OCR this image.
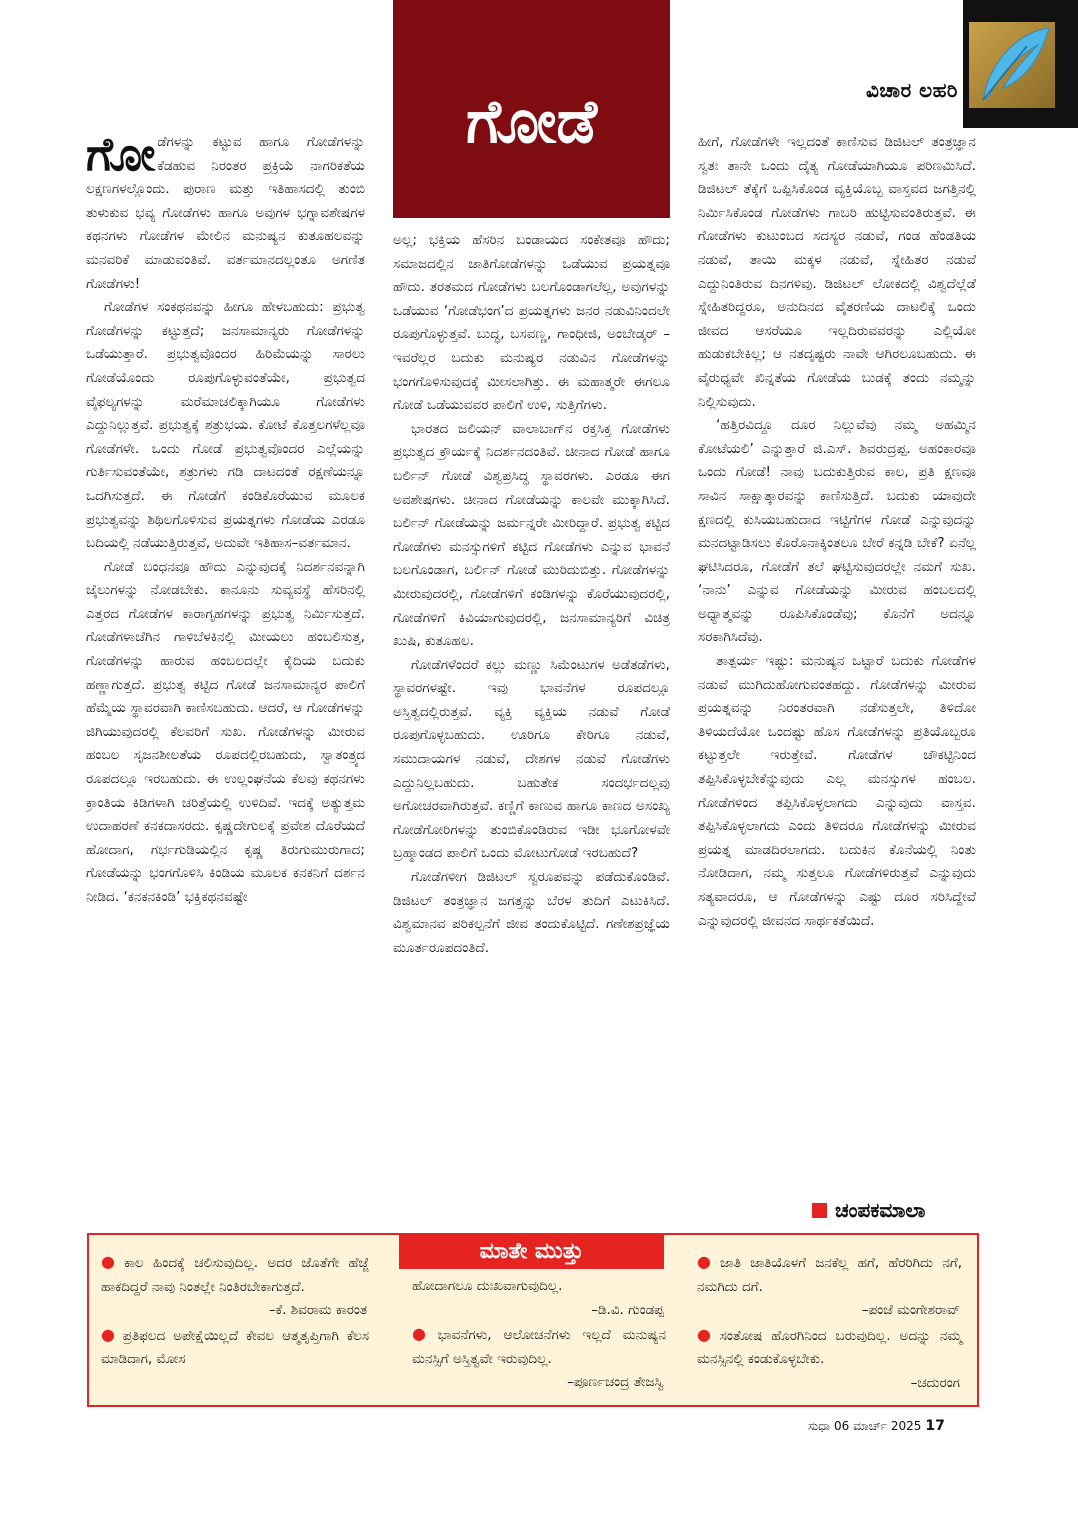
ವಿಚಾರ ಲಹರಿ
ಗೋಡೆ

ಗೋಡೆಗಳನ್ನು ಕಟ್ಟುವ ಹಾಗೂ ಗೋಡೆಗಳನ್ನು ಕೆಡಹುವ ನಿರಂತರ ಪ್ರಕ್ರಿಯೆ ನಾಗರಿಕತೆಯ ಲಕ್ಷಣಗಳಲ್ಲೊಂದು. ಪುರಾಣ ಮತ್ತು ಇತಿಹಾಸದಲ್ಲಿ ತುಂಬಿ ತುಳುಕುವ ಭವ್ಯ ಗೋಡೆಗಳು ಹಾಗೂ ಅವುಗಳ ಭಗ್ನಾವಶೇಷಗಳ ಕಥನಗಳು ಗೋಡೆಗಳ ಮೇಲಿನ ಮನುಷ್ಯನ ಕುತೂಹಲವನ್ನು ಮನವರಿಕೆ ಮಾಡುವಂತಿವೆ. ವರ್ತಮಾನದಲ್ಲಂತೂ ಅಗಣಿತ ಗೋಡೆಗಳು!

ಗೋಡೆಗಳ ಸಂಕಥನವನ್ನು ಹೀಗೂ ಹೇಳಬಹುದು: ಪ್ರಭುತ್ವ ಗೋಡೆಗಳನ್ನು ಕಟ್ಟುತ್ತದೆ; ಜನಸಾಮಾನ್ಯರು ಗೋಡೆಗಳನ್ನು ಒಡೆಯುತ್ತಾರೆ. ಪ್ರಭುತ್ವವೊಂದರ ಹಿರಿಮೆಯನ್ನು ಸಾರಲು ಗೋಡೆಯೊಂದು ರೂಪುಗೊಳ್ಳುವಂತೆಯೇ, ಪ್ರಭುತ್ವದ ವೈಫಲ್ಯಗಳನ್ನು ಮರೆಮಾಚಲಿಕ್ಕಾಗಿಯೂ ಗೋಡೆಗಳು ಎದ್ದುನಿಲ್ಲುತ್ತವೆ. ಪ್ರಭುತ್ವಕ್ಕೆ ಶತ್ರುಭಯ. ಕೋಟೆ ಕೊತ್ತಲಗಳೆಲ್ಲವೂ ಗೋಡೆಗಳೇ. ಒಂದು ಗೋಡೆ ಪ್ರಭುತ್ವವೊಂದರ ಎಲ್ಲೆಯನ್ನು ಗುರ್ತಿಸುವಂತೆಯೇ, ಶತ್ರುಗಳು ಗಡಿ ದಾಟದಂತೆ ರಕ್ಷಣೆಯನ್ನೂ ಒದಗಿಸುತ್ತದೆ. ಈ ಗೋಡೆಗೆ ಕಂಡಿಕೊರೆಯುವ ಮೂಲಕ ಪ್ರಭುತ್ವವನ್ನು ಶಿಥಿಲಗೊಳಿಸುವ ಪ್ರಯತ್ನಗಳು ಗೋಡೆಯ ಎರಡೂ ಬದಿಯಲ್ಲಿ ನಡೆಯುತ್ತಿರುತ್ತವೆ, ಅದುವೇ ಇತಿಹಾಸ–ವರ್ತಮಾನ.

ಗೋಡೆ ಬಂಧನವೂ ಹೌದು ಎನ್ನುವುದಕ್ಕೆ ನಿದರ್ಶನವನ್ನಾಗಿ ಜೈಲುಗಳನ್ನು ನೋಡಬೇಕು. ಕಾನೂನು ಸುವ್ಯವಸ್ಥೆ ಹೆಸರಿನಲ್ಲಿ ಎತ್ತರದ ಗೋಡೆಗಳ ಕಾರಾಗೃಹಗಳನ್ನು ಪ್ರಭುತ್ವ ನಿರ್ಮಿಸುತ್ತದೆ. ಗೋಡೆಗಳಾಚೆಗಿನ ಗಾಳಿಬೆಳಕಿನಲ್ಲಿ ಮೀಯಲು ಹಂಬಲಿಸುತ್ತ, ಗೋಡೆಗಳನ್ನು ಹಾರುವ ಹಂಬಲದಲ್ಲೇ ಕೈದಿಯ ಬದುಕು ಹಣ್ಣಾಗುತ್ತದೆ. ಪ್ರಭುತ್ವ ಕಟ್ಟಿದ ಗೋಡೆ ಜನಸಾಮಾನ್ಯರ ಪಾಲಿಗೆ ಹೆಮ್ಮೆಯ ಸ್ಥಾವರವಾಗಿ ಕಾಣಿಸಬಹುದು. ಆದರೆ, ಆ ಗೋಡೆಗಳನ್ನು ಜಿಗಿಯುವುದರಲ್ಲಿ ಕೆಲವರಿಗೆ ಸುಖ. ಗೋಡೆಗಳನ್ನು ಮೀರುವ ಹಂಬಲ ಸೃಜನಶೀಲತೆಯ ರೂಪದಲ್ಲಿರಬಹುದು, ಸ್ವಾತಂತ್ರ್ಯದ ರೂಪದಲ್ಲೂ ಇರಬಹುದು. ಈ ಉಲ್ಲಂಘನೆಯ ಕೆಲವು ಕಥನಗಳು ಕ್ರಾಂತಿಯ ಕಿಡಿಗಳಾಗಿ ಚರಿತ್ರೆಯಲ್ಲಿ ಉಳಿದಿವೆ. ಇದಕ್ಕೆ ಅತ್ಯುತ್ತಮ ಉದಾಹರಣೆ ಕನಕದಾಸರದು. ಕೃಷ್ಣದೇಗುಲಕ್ಕೆ ಪ್ರವೇಶ ದೊರೆಯದೆ ಹೋದಾಗ, ಗರ್ಭಗುಡಿಯಲ್ಲಿನ ಕೃಷ್ಣ ತಿರುಗುಮುರುಗಾದ; ಗೋಡೆಯನ್ನು ಭಂಗಗೊಳಿಸಿ ಕಿಂಡಿಯ ಮೂಲಕ ಕನಕನಿಗೆ ದರ್ಶನ ನೀಡಿದ. ‘ಕನಕನಕಿಂಡಿ’ ಭಕ್ತಿಕಥನವಷ್ಟೇ

ಅಲ್ಲ; ಭಕ್ತಿಯ ಹೆಸರಿನ ಬಂಡಾಯದ ಸಂಕೇತವೂ ಹೌದು; ಸಮಾಜದಲ್ಲಿನ ಜಾತಿಗೋಡೆಗಳನ್ನು ಒಡೆಯುವ ಪ್ರಯತ್ನವೂ ಹೌದು. ತರತಮದ ಗೋಡೆಗಳು ಬಲಗೊಂಡಾಗಲೆಲ್ಲ, ಅವುಗಳನ್ನು ಒಡೆಯುವ ‘ಗೋಡೆಭಂಗ’ದ ಪ್ರಯತ್ನಗಳು ಜನರ ನಡುವಿನಿಂದಲೇ ರೂಪುಗೊಳ್ಳುತ್ತವೆ. ಬುದ್ಧ, ಬಸವಣ್ಣ, ಗಾಂಧೀಜಿ, ಅಂಬೇಡ್ಕರ್ – ಇವರೆಲ್ಲರ ಬದುಕು ಮನುಷ್ಯರ ನಡುವಿನ ಗೋಡೆಗಳನ್ನು ಭಂಗಗೊಳಿಸುವುದಕ್ಕೆ ಮೀಸಲಾಗಿತ್ತು. ಈ ಮಹಾತ್ಮರೇ ಈಗಲೂ ಗೋಡೆ ಒಡೆಯುವವರ ಪಾಲಿಗೆ ಉಳಿ, ಸುತ್ತಿಗೆಗಳು.

ಭಾರತದ ಜಲಿಯನ್ ವಾಲಾಬಾಗ್‌ನ ರಕ್ತಸಿಕ್ತ ಗೋಡೆಗಳು ಪ್ರಭುತ್ವದ ಕ್ರೌರ್ಯಕ್ಕೆ ನಿದರ್ಶನದಂತಿವೆ. ಚೀನಾದ ಗೋಡೆ ಹಾಗೂ ಬರ್ಲಿನ್ ಗೋಡೆ ವಿಶ್ವಪ್ರಸಿದ್ಧ ಸ್ಥಾವರಗಳು. ಎರಡೂ ಈಗ ಅವಶೇಷಗಳು. ಚೀನಾದ ಗೋಡೆಯನ್ನು ಕಾಲವೇ ಮುಕ್ಕಾಗಿಸಿದೆ. ಬರ್ಲಿನ್ ಗೋಡೆಯನ್ನು ಜರ್ಮನ್ನರೇ ಮೀರಿದ್ದಾರೆ. ಪ್ರಭುತ್ವ ಕಟ್ಟಿದ ಗೋಡೆಗಳು ಮನಸ್ಸುಗಳಿಗೆ ಕಟ್ಟಿದ ಗೋಡೆಗಳು ಎನ್ನುವ ಭಾವನೆ ಬಲಗೊಂಡಾಗ, ಬರ್ಲಿನ್ ಗೋಡೆ ಮುರಿದುಬಿತ್ತು. ಗೋಡೆಗಳನ್ನು ಮೀರುವುದರಲ್ಲಿ, ಗೋಡೆಗಳಿಗೆ ಕಂಡಿಗಳನ್ನು ಕೊರೆಯುವುದರಲ್ಲಿ, ಗೋಡೆಗಳಿಗೆ ಕಿವಿಯಾಗುವುದರಲ್ಲಿ, ಜನಸಾಮಾನ್ಯರಿಗೆ ವಿಚಿತ್ರ ಖುಷಿ, ಕುತೂಹಲ.

ಗೋಡೆಗಳೆಂದರೆ ಕಲ್ಲು ಮಣ್ಣು ಸಿಮೆಂಟುಗಳ ಅಡೆತಡೆಗಳು, ಸ್ಥಾವರಗಳಷ್ಟೇ. ಇವು ಭಾವನೆಗಳ ರೂಪದಲ್ಲೂ ಅಸ್ತಿತ್ವದಲ್ಲಿರುತ್ತವೆ. ವ್ಯಕ್ತಿ ವ್ಯಕ್ತಿಯ ನಡುವೆ ಗೋಡೆ ರೂಪುಗೊಳ್ಳಬಹುದು. ಊರಿಗೂ ಕೇರಿಗೂ ನಡುವೆ, ಸಮುದಾಯಗಳ ನಡುವೆ, ದೇಶಗಳ ನಡುವೆ ಗೋಡೆಗಳು ಎದ್ದುನಿಲ್ಲಬಹುದು. ಬಹುತೇಕ ಸಂದರ್ಭದಲ್ಲವು ಅಗೋಚರವಾಗಿರುತ್ತವೆ. ಕಣ್ಣಿಗೆ ಕಾಣುವ ಹಾಗೂ ಕಾಣದ ಅಸಂಖ್ಯ ಗೋಡೆಗೋರಿಗಳನ್ನು ತುಂಬಿಕೊಂಡಿರುವ ಇಡೀ ಭೂಗೋಳವೇ ಬ್ರಹ್ಮಾಂಡದ ಪಾಲಿಗೆ ಒಂದು ಮೋಟುಗೋಡೆ ಇರಬಹುದೆ?

ಗೋಡೆಗಳೀಗ ಡಿಜಿಟಲ್ ಸ್ವರೂಪವನ್ನು ಪಡೆದುಕೊಂಡಿವೆ. ಡಿಜಿಟಲ್ ತಂತ್ರಜ್ಞಾನ ಜಗತ್ತನ್ನು ಬೆರಳ ತುದಿಗೆ ಎಟುಕಿಸಿದೆ. ವಿಶ್ವಮಾನವ ಪರಿಕಲ್ಪನೆಗೆ ಜೀವ ತಂದುಕೊಟ್ಟಿದೆ. ಗಣೇಶಪ್ರಜ್ಞೆಯ ಮೂರ್ತರೂಪದಂತಿದೆ.

ಹೀಗೆ, ಗೋಡೆಗಳೇ ಇಲ್ಲದಂತೆ ಕಾಣಿಸುವ ಡಿಜಿಟಲ್ ತಂತ್ರಜ್ಞಾನ ಸ್ವತಃ ತಾನೇ ಒಂದು ದೈತ್ಯ ಗೋಡೆಯಾಗಿಯೂ ಪರಿಣಮಿಸಿದೆ. ಡಿಜಿಟಲ್ ತೆಕ್ಕೆಗೆ ಒಪ್ಪಿಸಿಕೊಂಡ ವ್ಯಕ್ತಿಯೊಬ್ಬ ವಾಸ್ತವದ ಜಗತ್ತಿನಲ್ಲಿ ನಿರ್ಮಿಸಿಕೊಂಡ ಗೋಡೆಗಳು ಗಾಬರಿ ಹುಟ್ಟಿಸುವಂತಿರುತ್ತವೆ. ಈ ಗೋಡೆಗಳು ಕುಟುಂಬದ ಸದಸ್ಯರ ನಡುವೆ, ಗಂಡ ಹೆಂಡತಿಯ ನಡುವೆ, ತಾಯಿ ಮಕ್ಕಳ ನಡುವೆ, ಸ್ನೇಹಿತರ ನಡುವೆ ಎದ್ದುನಿಂತಿರುವ ದಿನಗಳಿವು. ಡಿಜಿಟಲ್ ಲೋಕದಲ್ಲಿ ವಿಶ್ವದೆಲ್ಲೆಡೆ ಸ್ನೇಹಿತರಿದ್ದರೂ, ಅನುದಿನದ ವೈತರಣಿಯ ದಾಟಲಿಕ್ಕೆ ಒಂದು ಜೀವದ ಆಸರೆಯೂ ಇಲ್ಲದಿರುವವರನ್ನು ಎಲ್ಲಿಯೋ ಹುಡುಕಬೇಕಿಲ್ಲ; ಆ ನತದೃಷ್ಟರು ನಾವೇ ಆಗಿರಲೂಬಹುದು. ಈ ವೈರುಧ್ಯವೇ ಖಿನ್ನತೆಯ ಗೋಡೆಯ ಬುಡಕ್ಕೆ ತಂದು ನಮ್ಮನ್ನು ನಿಲ್ಲಿಸುವುದು.

‘ಹತ್ತಿರವಿದ್ದೂ ದೂರ ನಿಲ್ಲುವೆವು ನಮ್ಮ ಅಹಮ್ಮಿನ ಕೋಟೆಯಲಿ’ ಎನ್ನುತ್ತಾರೆ ಜಿ.ಎಸ್. ಶಿವರುದ್ರಪ್ಪ. ಅಹಂಕಾರವೂ ಒಂದು ಗೋಡೆ! ನಾವು ಬದುಕುತ್ತಿರುವ ಕಾಲ, ಪ್ರತಿ ಕ್ಷಣವೂ ಸಾವಿನ ಸಾಕ್ಷಾತ್ಕಾರವನ್ನು ಕಾಣಿಸುತ್ತಿದೆ. ಬದುಕು ಯಾವುದೇ ಕ್ಷಣದಲ್ಲಿ ಕುಸಿಯಬಹುದಾದ ಇಟ್ಟಿಗೆಗಳ ಗೋಡೆ ಎನ್ನುವುದನ್ನು ಮನದಟ್ಟಾಡಿಸಲು ಕೊರೊನಾಕ್ಕಿಂತಲೂ ಬೇರೆ ಕನ್ನಡಿ ಬೇಕೆ? ಏನೆಲ್ಲ ಘಟಿಸಿದರೂ, ಗೋಡೆಗೆ ತಲೆ ಘಟ್ಟಿಸುವುದರಲ್ಲೇ ನಮಗೆ ಸುಖ. ‘ನಾನು’ ಎನ್ನುವ ಗೋಡೆಯನ್ನು ಮೀರುವ ಹಂಬಲದಲ್ಲಿ ಅಧ್ಯಾತ್ಮವನ್ನು ರೂಪಿಸಿಕೊಂಡೆವು; ಕೊನೆಗೆ ಅದನ್ನೂ ಸರಕಾಗಿಸಿದೆವು.

ತಾತ್ಪರ್ಯ ಇಷ್ಟು: ಮನುಷ್ಯನ ಒಟ್ಟಾರೆ ಬದುಕು ಗೋಡೆಗಳ ನಡುವೆ ಮುಗಿದುಹೋಗುವಂತಹದ್ದು. ಗೋಡೆಗಳನ್ನು ಮೀರುವ ಪ್ರಯತ್ನವನ್ನು ನಿರಂತರವಾಗಿ ನಡೆಸುತ್ತಲೇ, ತಿಳಿದೋ ತಿಳಿಯದೆಯೋ ಒಂದಷ್ಟು ಹೊಸ ಗೋಡೆಗಳನ್ನು ಪ್ರತಿಯೊಬ್ಬರೂ ಕಟ್ಟುತ್ತಲೇ ಇರುತ್ತೇವೆ. ಗೋಡೆಗಳ ಚೌಕಟ್ಟಿನಿಂದ ತಪ್ಪಿಸಿಕೊಳ್ಳಬೇಕೆನ್ನುವುದು ಎಲ್ಲ ಮನಸ್ಸುಗಳ ಹಂಬಲ. ಗೋಡೆಗಳಿಂದ ತಪ್ಪಿಸಿಕೊಳ್ಳಲಾಗದು ಎನ್ನುವುದು ವಾಸ್ತವ. ತಪ್ಪಿಸಿಕೊಳ್ಳಲಾಗದು ಎಂದು ತಿಳಿದರೂ ಗೋಡೆಗಳನ್ನು ಮೀರುವ ಪ್ರಯತ್ನ ಮಾಡದಿರಲಾಗದು. ಬದುಕಿನ ಕೊನೆಯಲ್ಲಿ ನಿಂತು ನೋಡಿದಾಗ, ನಮ್ಮ ಸುತ್ತಲೂ ಗೋಡೆಗಳಿರುತ್ತವೆ ಎನ್ನುವುದು ಸತ್ಯವಾದರೂ, ಆ ಗೋಡೆಗಳನ್ನು ಎಷ್ಟು ದೂರ ಸರಿಸಿದ್ದೇವೆ ಎನ್ನುವುದರಲ್ಲಿ ಜೀವನದ ಸಾರ್ಥಕತೆಯಿದೆ.

ಚಂಪಕಮಾಲಾ
ಮಾತೇ ಮುತ್ತು

● ಕಾಲ ಹಿಂದಕ್ಕೆ ಚಲಿಸುವುದಿಲ್ಲ. ಅದರ ಜೊತೆಗೇ ಹೆಜ್ಜೆ ಹಾಕದಿದ್ದರೆ ನಾವು ನಿಂತಲ್ಲೇ ನಿಂತಿರಬೇಕಾಗುತ್ತದೆ.

–ಕೆ. ಶಿವರಾಮ ಕಾರಂತ

● ಪ್ರತಿಫಲದ ಅಪೇಕ್ಷೆಯಿಲ್ಲದೆ ಕೇವಲ ಆತ್ಮತೃಪ್ತಿಗಾಗಿ ಕೆಲಸ ಮಾಡಿದಾಗ, ಮೋಸ

ಹೋದಾಗಲೂ ದುಃಖವಾಗುವುದಿಲ್ಲ.

–ಡಿ.ವಿ. ಗುಂಡಪ್ಪ

● ಭಾವನೆಗಳು, ಆಲೋಚನೆಗಳು ಇಲ್ಲದೆ ಮನುಷ್ಯನ ಮನಸ್ಸಿಗೆ ಅಸ್ತಿತ್ವವೇ ಇರುವುದಿಲ್ಲ.

–ಪೂರ್ಣಚಂದ್ರ ತೇಜಸ್ವಿ

● ಜಾತಿ ಜಾತಿಯೊಳಗೆ ಜನಕೆಲ್ಲ ಹಗೆ, ಹೆರರಿಗಿದು ನಗೆ, ನಮಗಿದು ದಗೆ.

–ಪಂಜೆ ಮಂಗೇಶರಾವ್

● ಸಂತೋಷ ಹೊರಗಿನಿಂದ ಬರುವುದಿಲ್ಲ. ಅದನ್ನು ನಮ್ಮ ಮನಸ್ಸಿನಲ್ಲಿ ಕಂಡುಕೊಳ್ಳಬೇಕು.

–ಚದುರಂಗ

ಸುಧಾ 06 ಮಾರ್ಚ್ 2025 17
